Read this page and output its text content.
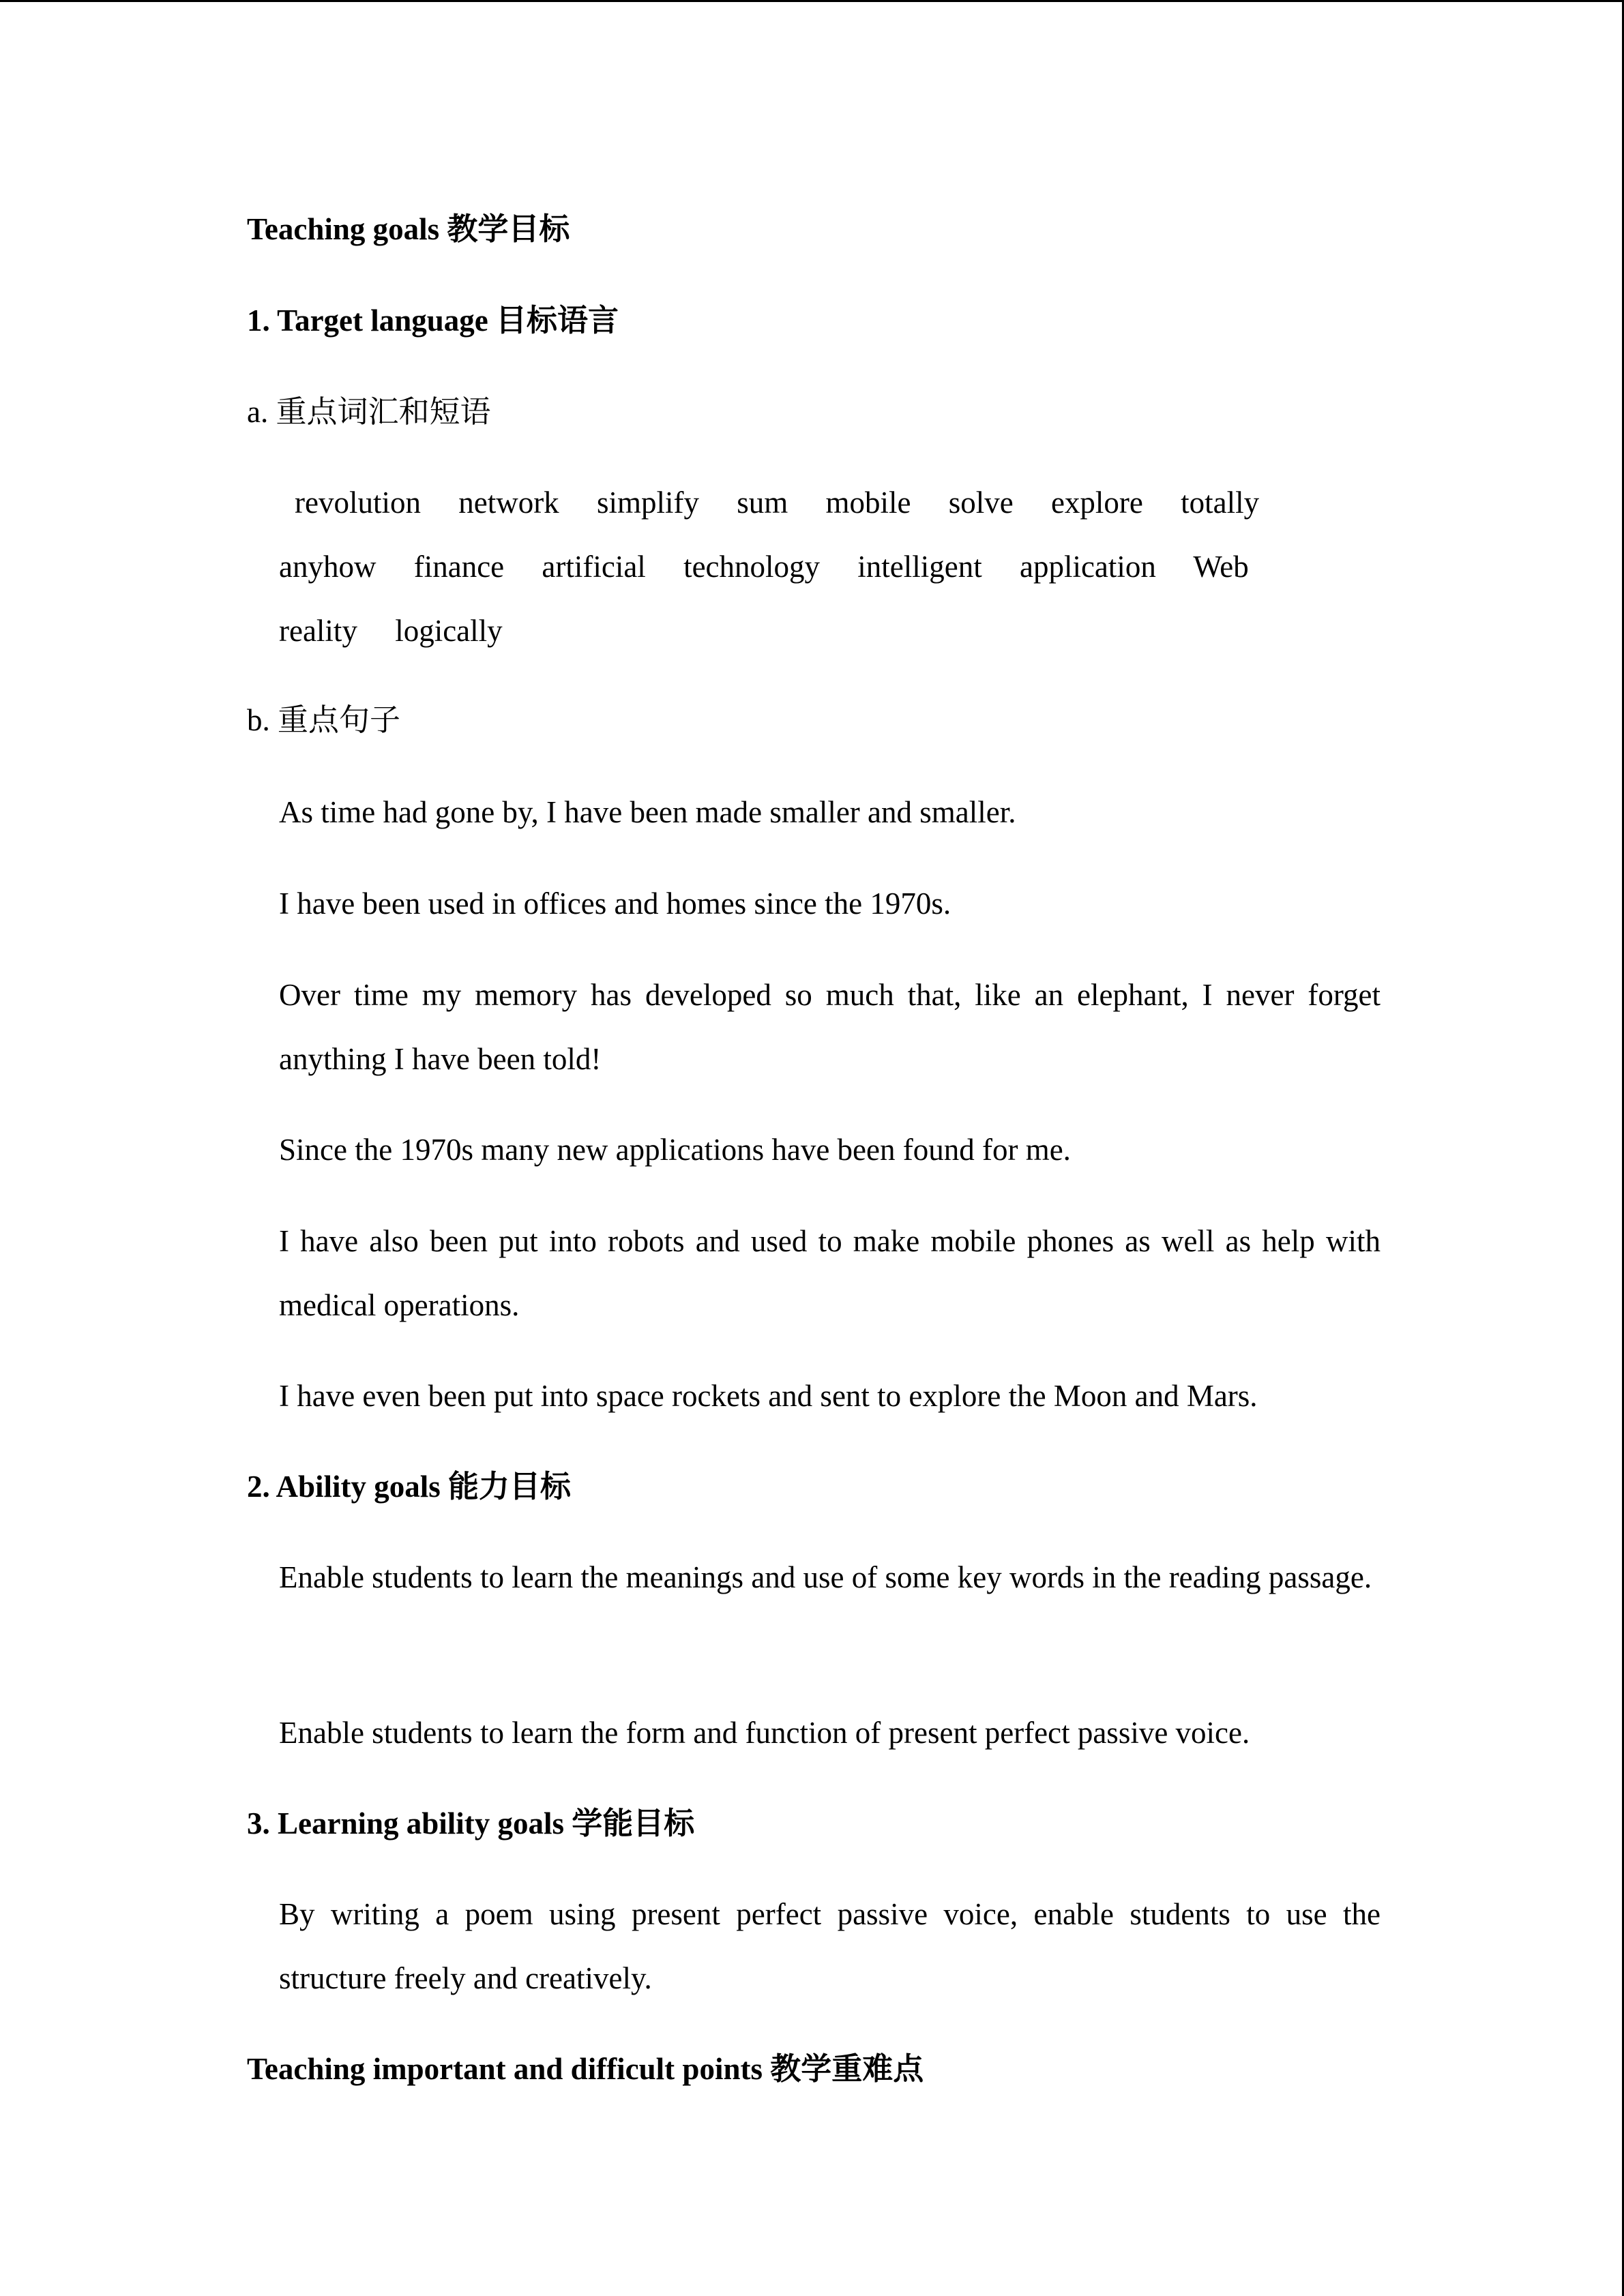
Teaching goals 教学目标
1. Target language 目标语言
a. 重点词汇和短语
revolution network simplify sum mobile solve explore totally
anyhow finance artificial technology intelligent application Web
reality logically
b. 重点句子
As time had gone by, I have been made smaller and smaller.
I have been used in offices and homes since the 1970s.
Over time my memory has developed so much that, like an elephant, I never forget anything I have been told!
Since the 1970s many new applications have been found for me.
I have also been put into robots and used to make mobile phones as well as help with medical operations.
I have even been put into space rockets and sent to explore the Moon and Mars.
2. Ability goals 能力目标
Enable students to learn the meanings and use of some key words in the reading passage.
Enable students to learn the form and function of present perfect passive voice.
3. Learning ability goals 学能目标
By writing a poem using present perfect passive voice, enable students to use the structure freely and creatively.
Teaching important and difficult points 教学重难点
